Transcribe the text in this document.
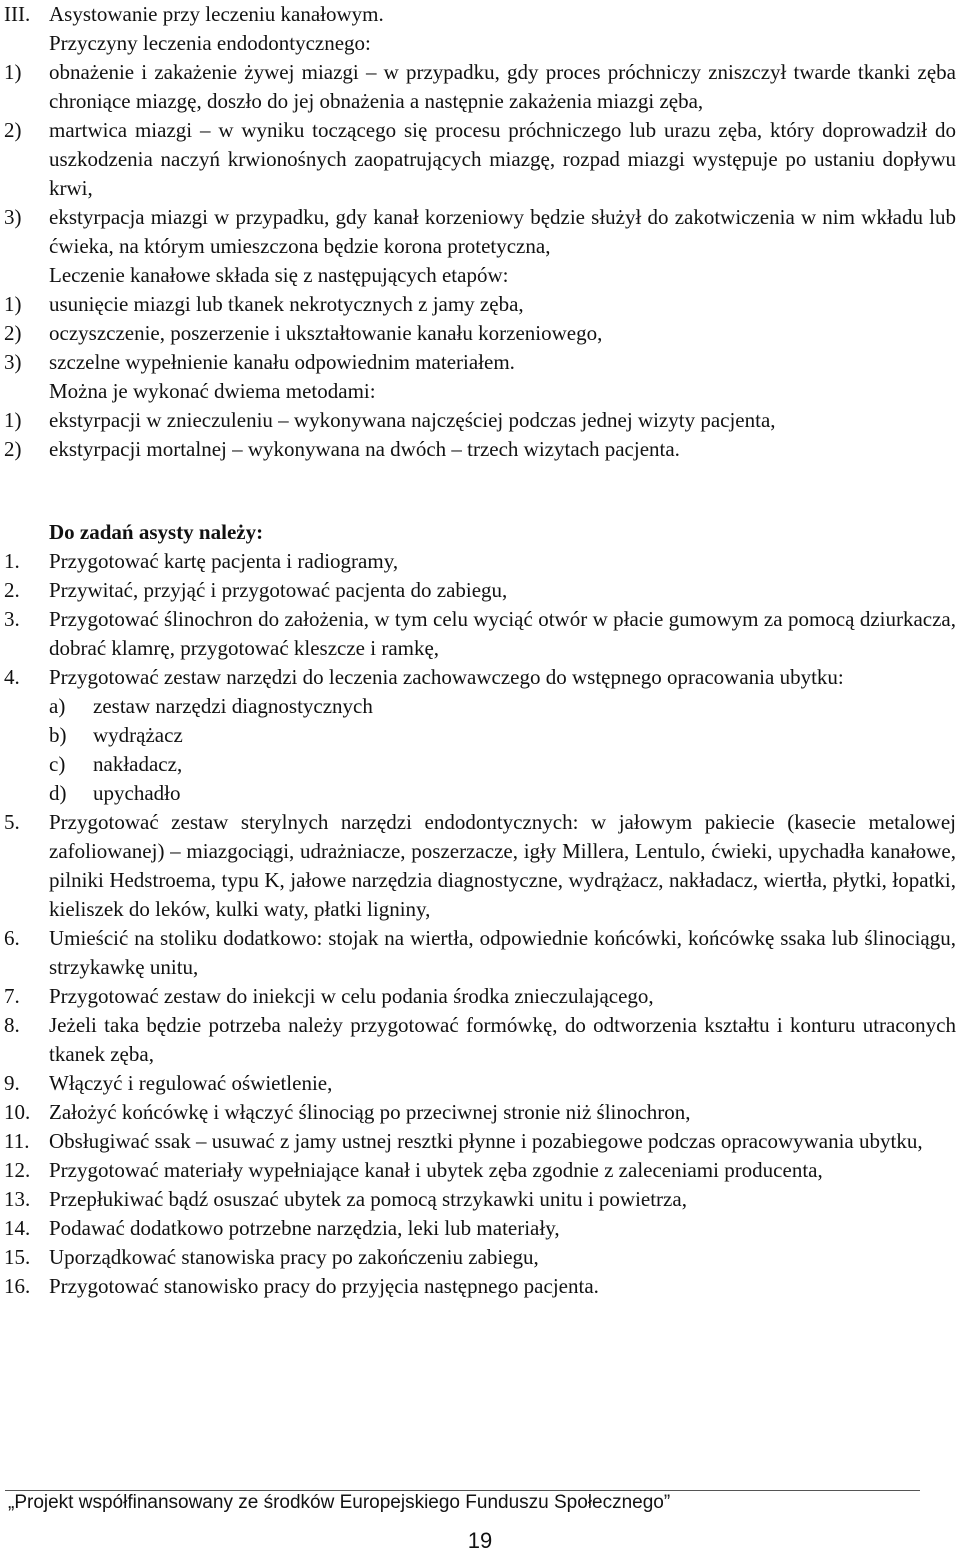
III. Asystowanie przy leczeniu kanałowym.
Przyczyny leczenia endodontycznego:
1) obnażenie i zakażenie żywej miazgi – w przypadku, gdy proces próchniczy zniszczył twarde tkanki zęba chroniące miazgę, doszło do jej obnażenia a następnie zakażenia miazgi zęba,
2) martwica miazgi – w wyniku toczącego się procesu próchniczego lub urazu zęba, który doprowadził do uszkodzenia naczyń krwionośnych zaopatrujących miazgę, rozpad miazgi występuje po ustaniu dopływu krwi,
3) ekstyrpacja miazgi w przypadku, gdy kanał korzeniowy będzie służył do zakotwiczenia w nim wkładu lub ćwieka, na którym umieszczona będzie korona protetyczna,
Leczenie kanałowe składa się z następujących etapów:
1) usunięcie miazgi lub tkanek nekrotycznych z jamy zęba,
2) oczyszczenie, poszerzenie i ukształtowanie kanału korzeniowego,
3) szczelne wypełnienie kanału odpowiednim materiałem.
Można je wykonać dwiema metodami:
1) ekstyrpacji w znieczuleniu – wykonywana najczęściej podczas jednej wizyty pacjenta,
2) ekstyrpacji mortalnej – wykonywana na dwóch – trzech wizytach pacjenta.
Do zadań asysty należy:
1. Przygotować kartę pacjenta i radiogramy,
2. Przywitać, przyjąć i przygotować pacjenta do zabiegu,
3. Przygotować ślinochron do założenia, w tym celu wyciąć otwór w płacie gumowym za pomocą dziurkacza, dobrać klamrę, przygotować kleszcze i ramkę,
4. Przygotować zestaw narzędzi do leczenia zachowawczego do wstępnego opracowania ubytku:
a) zestaw narzędzi diagnostycznych
b) wydrążacz
c) nakładacz,
d) upychadło
5. Przygotować zestaw sterylnych narzędzi endodontycznych: w jałowym pakiecie (kasecie metalowej zafoliowanej) – miazgociągi, udrażniacze, poszerzacze, igły Millera, Lentulo, ćwieki, upychadła kanałowe, pilniki Hedstroema, typu K, jałowe narzędzia diagnostyczne, wydrążacz, nakładacz, wiertła, płytki, łopatki, kieliszek do leków, kulki waty, płatki ligniny,
6. Umieścić na stoliku dodatkowo: stojak na wiertła, odpowiednie końcówki, końcówkę ssaka lub ślinociągu, strzykawkę unitu,
7. Przygotować zestaw do iniekcji w celu podania środka znieczulającego,
8. Jeżeli taka będzie potrzeba należy przygotować formówkę, do odtworzenia kształtu i konturu utraconych tkanek zęba,
9. Włączyć i regulować oświetlenie,
10. Założyć końcówkę i włączyć ślinociąg po przeciwnej stronie niż ślinochron,
11. Obsługiwać ssak – usuwać z jamy ustnej resztki płynne i pozabiegowe podczas opracowywania ubytku,
12. Przygotować materiały wypełniające kanał i ubytek zęba zgodnie z zaleceniami producenta,
13. Przepłukiwać bądź osuszać ubytek za pomocą strzykawki unitu i powietrza,
14. Podawać dodatkowo potrzebne narzędzia, leki lub materiały,
15. Uporządkować stanowiska pracy po zakończeniu zabiegu,
16. Przygotować stanowisko pracy do przyjęcia następnego pacjenta.
„Projekt współfinansowany ze środków Europejskiego Funduszu Społecznego”
19
